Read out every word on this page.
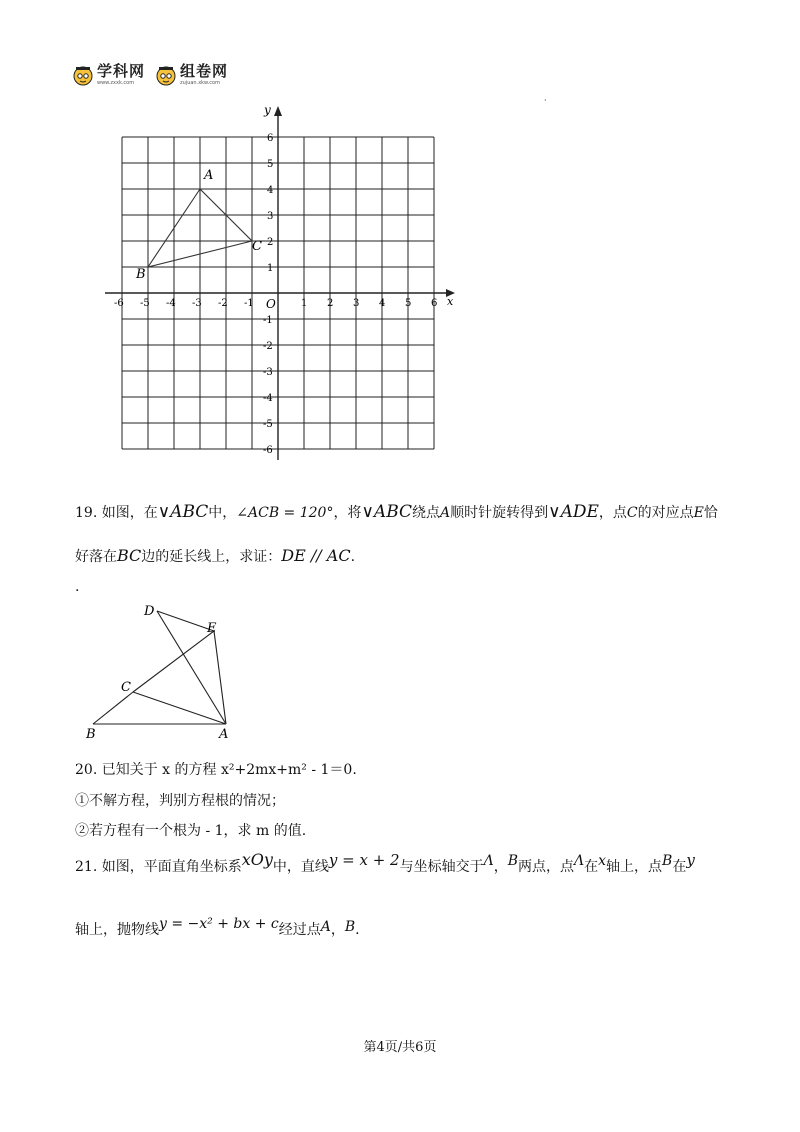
学科网
www.zxxk.com
组卷网
zujuan.xkw.com
x
y
O
-6 -5 -4 -3 -2 -1	1 2 3 4 5 6
6
5
4
3
2
1
-1
-2
-3
-4
-5
-6
A
B
C
·
19. 如图，在∨ABC中，∠ACB = 120°，将∨ABC绕点A顺时针旋转得到∨ADE，点C的对应点E恰
好落在BC边的延长线上，求证：DE // AC.
.
D
E
C
B	A
20. 已知关于 x 的方程 x²+2mx+m² - 1＝0.
①不解方程，判别方程根的情况；
②若方程有一个根为 - 1，求 m 的值.
21. 如图，平面直角坐标系xOy中，直线y = x + 2与坐标轴交于Λ，B两点，点Λ在x轴上，点B在y
轴上，抛物线y = −x² + bx + c经过点A，B.
第4页/共6页
